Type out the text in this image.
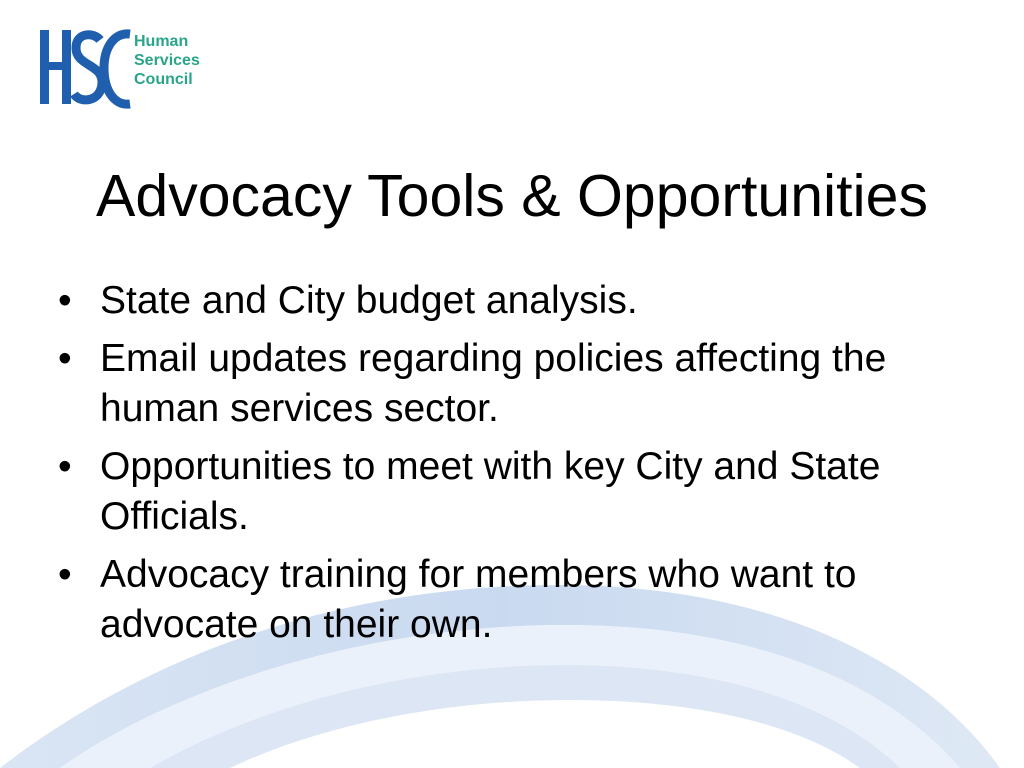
Human
Services
Council
Advocacy Tools & Opportunities
• State and City budget analysis.
• Email updates regarding policies affecting the human services sector.
• Opportunities to meet with key City and State Officials.
• Advocacy training for members who want to advocate on their own.
